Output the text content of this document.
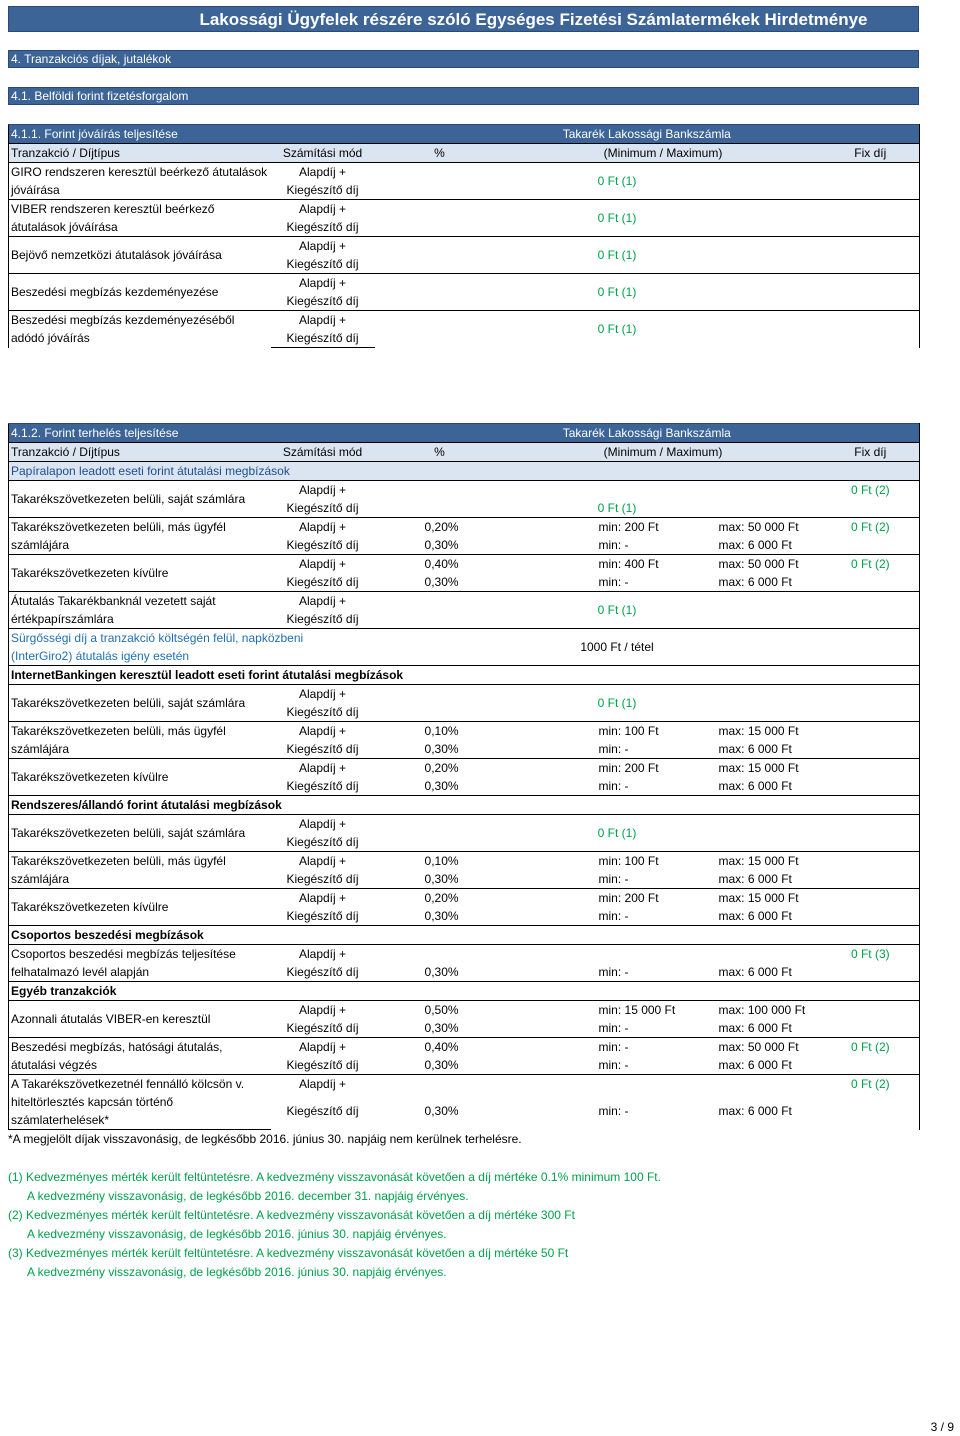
Lakossági Ügyfelek részére szóló Egységes Fizetési Számlatermékek Hirdetménye
4. Tranzakciós díjak, jutalékok
4.1. Belföldi forint fizetésforgalom
4.1.1. Forint jóváírás teljesítése		Takarék Lakossági Bankszámla		
Tranzakció / Díjtípus	Számítási mód	%	(Minimum / Maximum)	Fix díj
GIRO rendszeren keresztül beérkező átutalások jóváírása	Alapdíj +	0 Ft (1)		
	Kiegészítő díj			
VIBER rendszeren keresztül beérkező átutalások jóváírása	Alapdíj +	0 Ft (1)		
	Kiegészítő díj			
Bejövő nemzetközi átutalások jóváírása	Alapdíj +	0 Ft (1)		
	Kiegészítő díj			
Beszedési megbízás kezdeményezése	Alapdíj +	0 Ft (1)		
	Kiegészítő díj			
Beszedési megbízás kezdeményezéséből adódó jóváírás	Alapdíj +	0 Ft (1)		
	Kiegészítő díj			
4.1.2. Forint terhelés teljesítése		Takarék Lakossági Bankszámla				
Tranzakció / Díjtípus	Számítási mód	%	(Minimum / Maximum)			Fix díj
Papíralapon leadott eseti forint átutalási megbízások						
Takarékszövetkezeten belüli, saját számlára	Alapdíj +					0 Ft (2)
	Kiegészítő díj	0 Ft (1)				
Takarékszövetkezeten belüli, más ügyfél	Alapdíj +	0,20%		min: 200 Ft	max: 50 000 Ft	0 Ft (2)
számlájára	Kiegészítő díj	0,30%		min: -	max: 6 000 Ft	
Takarékszövetkezeten kívülre	Alapdíj +	0,40%		min: 400 Ft	max: 50 000 Ft	0 Ft (2)
	Kiegészítő díj	0,30%		min: -	max: 6 000 Ft	
Átutalás Takarékbanknál vezetett saját	Alapdíj +	0 Ft (1)				
értékpapírszámlára	Kiegészítő díj					
Sürgősségi díj a tranzakció költségén felül, napközbeni		1000 Ft / tétel				
(InterGiro2) átutalás igény esetén						
InternetBankingen keresztül leadott eseti forint átutalási megbízások						
Takarékszövetkezeten belüli, saját számlára	Alapdíj +	0 Ft (1)				
	Kiegészítő díj					
Takarékszövetkezeten belüli, más ügyfél	Alapdíj +	0,10%		min: 100 Ft	max: 15 000 Ft	
számlájára	Kiegészítő díj	0,30%		min: -	max: 6 000 Ft	
Takarékszövetkezeten kívülre	Alapdíj +	0,20%		min: 200 Ft	max: 15 000 Ft	
	Kiegészítő díj	0,30%		min: -	max: 6 000 Ft	
Rendszeres/állandó forint átutalási megbízások						
Takarékszövetkezeten belüli, saját számlára	Alapdíj +	0 Ft (1)				
	Kiegészítő díj					
Takarékszövetkezeten belüli, más ügyfél	Alapdíj +	0,10%		min: 100 Ft	max: 15 000 Ft	
számlájára	Kiegészítő díj	0,30%		min: -	max: 6 000 Ft	
Takarékszövetkezeten kívülre	Alapdíj +	0,20%		min: 200 Ft	max: 15 000 Ft	
	Kiegészítő díj	0,30%		min: -	max: 6 000 Ft	
Csoportos beszedési megbízások						
Csoportos beszedési megbízás teljesítése	Alapdíj +					0 Ft (3)
felhatalmazó levél alapján	Kiegészítő díj	0,30%		min: -	max: 6 000 Ft	
Egyéb tranzakciók						
Azonnali átutalás VIBER-en keresztül	Alapdíj +	0,50%		min: 15 000 Ft	max: 100 000 Ft	
	Kiegészítő díj	0,30%		min: -	max: 6 000 Ft	
Beszedési megbízás, hatósági átutalás,	Alapdíj +	0,40%		min: -	max: 50 000 Ft	0 Ft (2)
átutalási végzés	Kiegészítő díj	0,30%		min: -	max: 6 000 Ft	
A Takarékszövetkezetnél fennálló kölcsön v.	Alapdíj +					0 Ft (2)
hiteltörlesztés kapcsán történő	Kiegészítő díj	0,30%		min: -	max: 6 000 Ft	
számlaterhelések*						
*A megjelölt díjak visszavonásig, de legkésőbb 2016. június 30. napjáig nem kerülnek terhelésre.
(1) Kedvezményes mérték került feltüntetésre. A kedvezmény visszavonását követően a díj mértéke 0.1% minimum 100 Ft.
A kedvezmény visszavonásig, de legkésőbb 2016. december 31. napjáig érvényes.
(2) Kedvezményes mérték került feltüntetésre. A kedvezmény visszavonását követően a díj mértéke 300 Ft
A kedvezmény visszavonásig, de legkésőbb 2016. június 30. napjáig érvényes.
(3) Kedvezményes mérték került feltüntetésre. A kedvezmény visszavonását követően a díj mértéke 50 Ft
A kedvezmény visszavonásig, de legkésőbb 2016. június 30. napjáig érvényes.
3 / 9
